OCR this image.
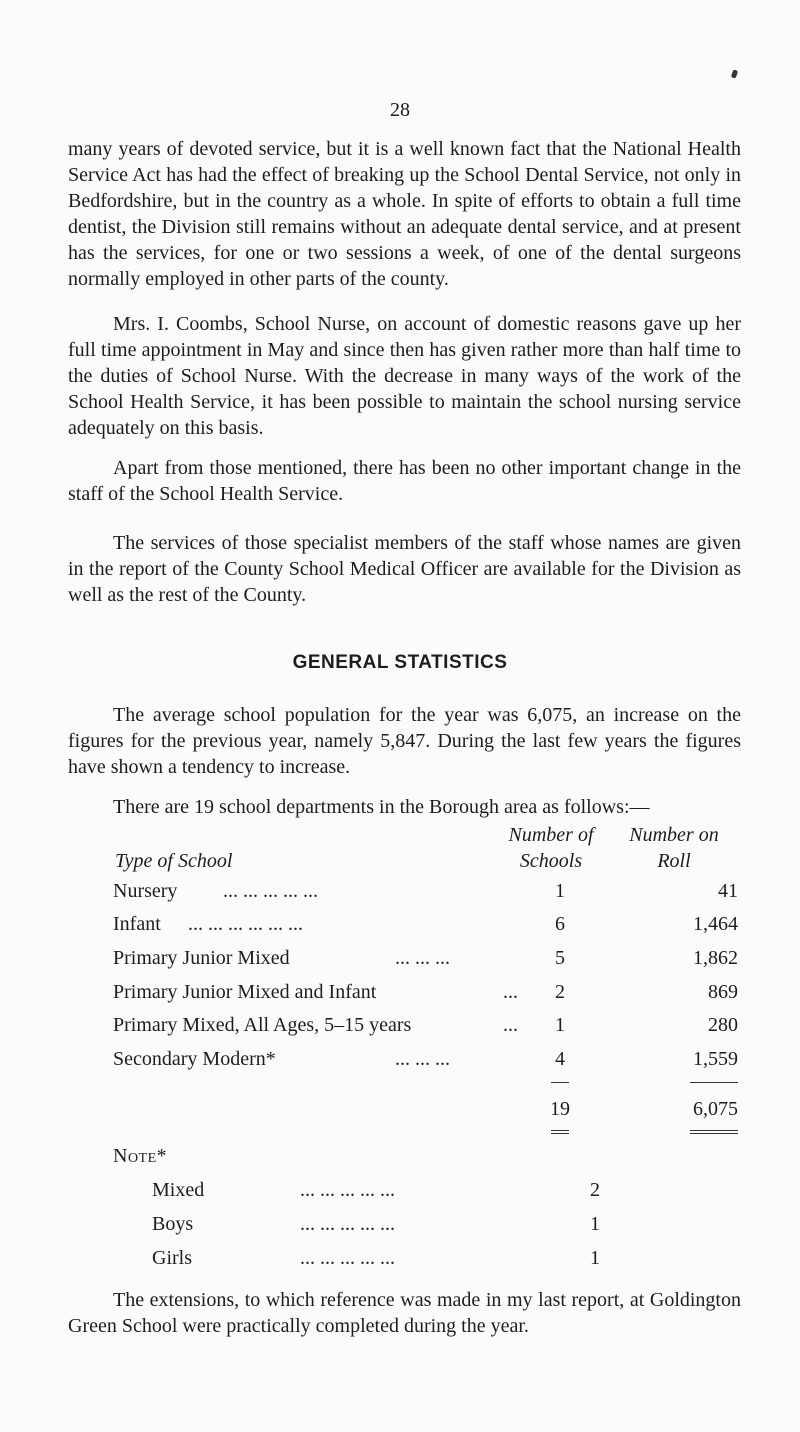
28

many years of devoted service, but it is a well known fact that the National Health Service Act has had the effect of breaking up the School Dental Service, not only in Bedfordshire, but in the country as a whole. In spite of efforts to obtain a full time dentist, the Division still remains without an adequate dental service, and at present has the services, for one or two sessions a week, of one of the dental surgeons normally employed in other parts of the county.

Mrs. I. Coombs, School Nurse, on account of domestic reasons gave up her full time appointment in May and since then has given rather more than half time to the duties of School Nurse. With the decrease in many ways of the work of the School Health Service, it has been possible to maintain the school nursing service adequately on this basis.

Apart from those mentioned, there has been no other important change in the staff of the School Health Service.

The services of those specialist members of the staff whose names are given in the report of the County School Medical Officer are available for the Division as well as the rest of the County.

GENERAL STATISTICS

The average school population for the year was 6,075, an increase on the figures for the previous year, namely 5,847. During the last few years the figures have shown a tendency to increase.

There are 19 school departments in the Borough area as follows:—
Type of School
Number of
Schools
Number on
Roll
Nursery ... ... ... ... ...	1	41
Infant ... ... ... ... ... ...	6	1,464
Primary Junior Mixed	... ... ...	5	1,862
Primary Junior Mixed and Infant	...	2	869
Primary Mixed, All Ages, 5–15 years	...	1	280
Secondary Modern*	... ... ...	4	1,559
19	6,075
Note*
Mixed	... ... ... ... ...	2
Boys	... ... ... ... ...	1
Girls	... ... ... ... ...	1

The extensions, to which reference was made in my last report, at Goldington Green School were practically completed during the year.
